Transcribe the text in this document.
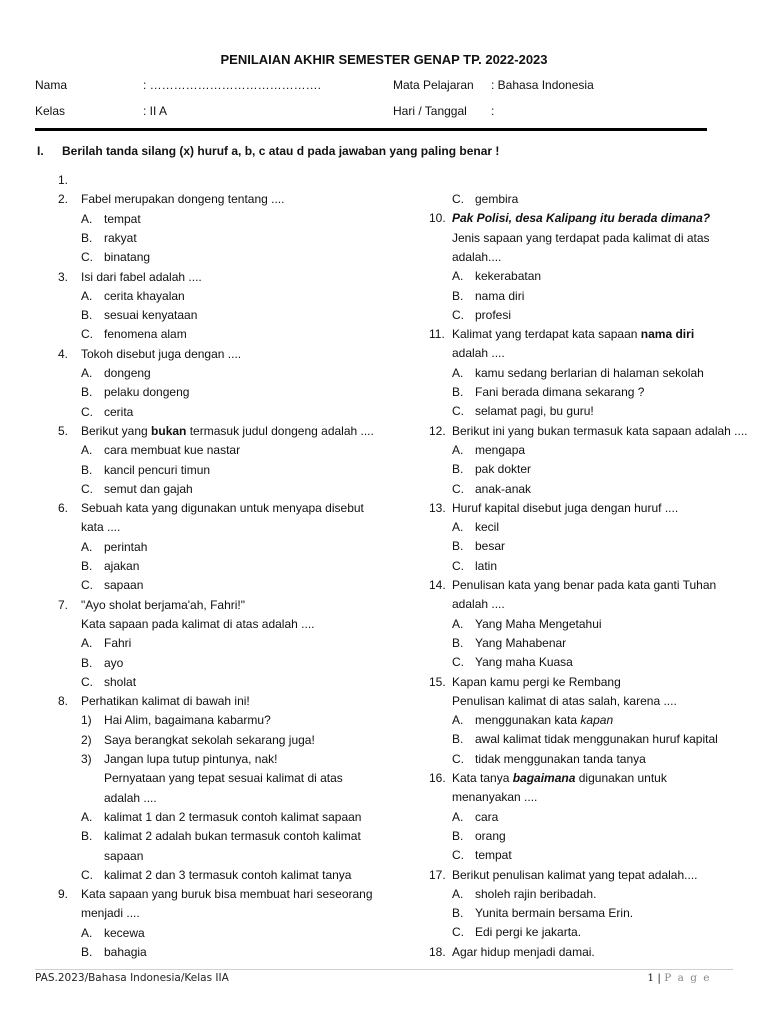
PENILAIAN AKHIR SEMESTER GENAP TP. 2022-2023
Nama	: …………………………………….
Kelas	: II A
Mata Pelajaran : Bahasa Indonesia
Hari / Tanggal :
I. Berilah tanda silang (x) huruf a, b, c atau d pada jawaban yang paling benar !
1.
2. Fabel merupakan dongeng tentang ....
A. tempat
B. rakyat
C. binatang
3. Isi dari fabel adalah ....
A. cerita khayalan
B. sesuai kenyataan
C. fenomena alam
4. Tokoh disebut juga dengan ....
A. dongeng
B. pelaku dongeng
C. cerita
5. Berikut yang bukan termasuk judul dongeng adalah ....
A. cara membuat kue nastar
B. kancil pencuri timun
C. semut dan gajah
6. Sebuah kata yang digunakan untuk menyapa disebut
kata ....
A. perintah
B. ajakan
C. sapaan
7. "Ayo sholat berjama'ah, Fahri!"
Kata sapaan pada kalimat di atas adalah ....
A. Fahri
B. ayo
C. sholat
8. Perhatikan kalimat di bawah ini!
1) Hai Alim, bagaimana kabarmu?
2) Saya berangkat sekolah sekarang juga!
3) Jangan lupa tutup pintunya, nak!
Pernyataan yang tepat sesuai kalimat di atas
adalah ....
A. kalimat 1 dan 2 termasuk contoh kalimat sapaan
B. kalimat 2 adalah bukan termasuk contoh kalimat
sapaan
C. kalimat 2 dan 3 termasuk contoh kalimat tanya
9. Kata sapaan yang buruk bisa membuat hari seseorang
menjadi ....
A. kecewa
B. bahagia
C. gembira
10. Pak Polisi, desa Kalipang itu berada dimana?
Jenis sapaan yang terdapat pada kalimat di atas
adalah....
A. kekerabatan
B. nama diri
C. profesi
11. Kalimat yang terdapat kata sapaan nama diri
adalah ....
A. kamu sedang berlarian di halaman sekolah
B. Fani berada dimana sekarang ?
C. selamat pagi, bu guru!
12. Berikut ini yang bukan termasuk kata sapaan adalah ....
A. mengapa
B. pak dokter
C. anak-anak
13. Huruf kapital disebut juga dengan huruf ....
A. kecil
B. besar
C. latin
14. Penulisan kata yang benar pada kata ganti Tuhan
adalah ....
A. Yang Maha Mengetahui
B. Yang Mahabenar
C. Yang maha Kuasa
15. Kapan kamu pergi ke Rembang
Penulisan kalimat di atas salah, karena ....
A. menggunakan kata kapan
B. awal kalimat tidak menggunakan huruf kapital
C. tidak menggunakan tanda tanya
16. Kata tanya bagaimana digunakan untuk
menanyakan ....
A. cara
B. orang
C. tempat
17. Berikut penulisan kalimat yang tepat adalah....
A. sholeh rajin beribadah.
B. Yunita bermain bersama Erin.
C. Edi pergi ke jakarta.
18. Agar hidup menjadi damai.
PAS.2023/Bahasa Indonesia/Kelas IIA	1 | P a g e
